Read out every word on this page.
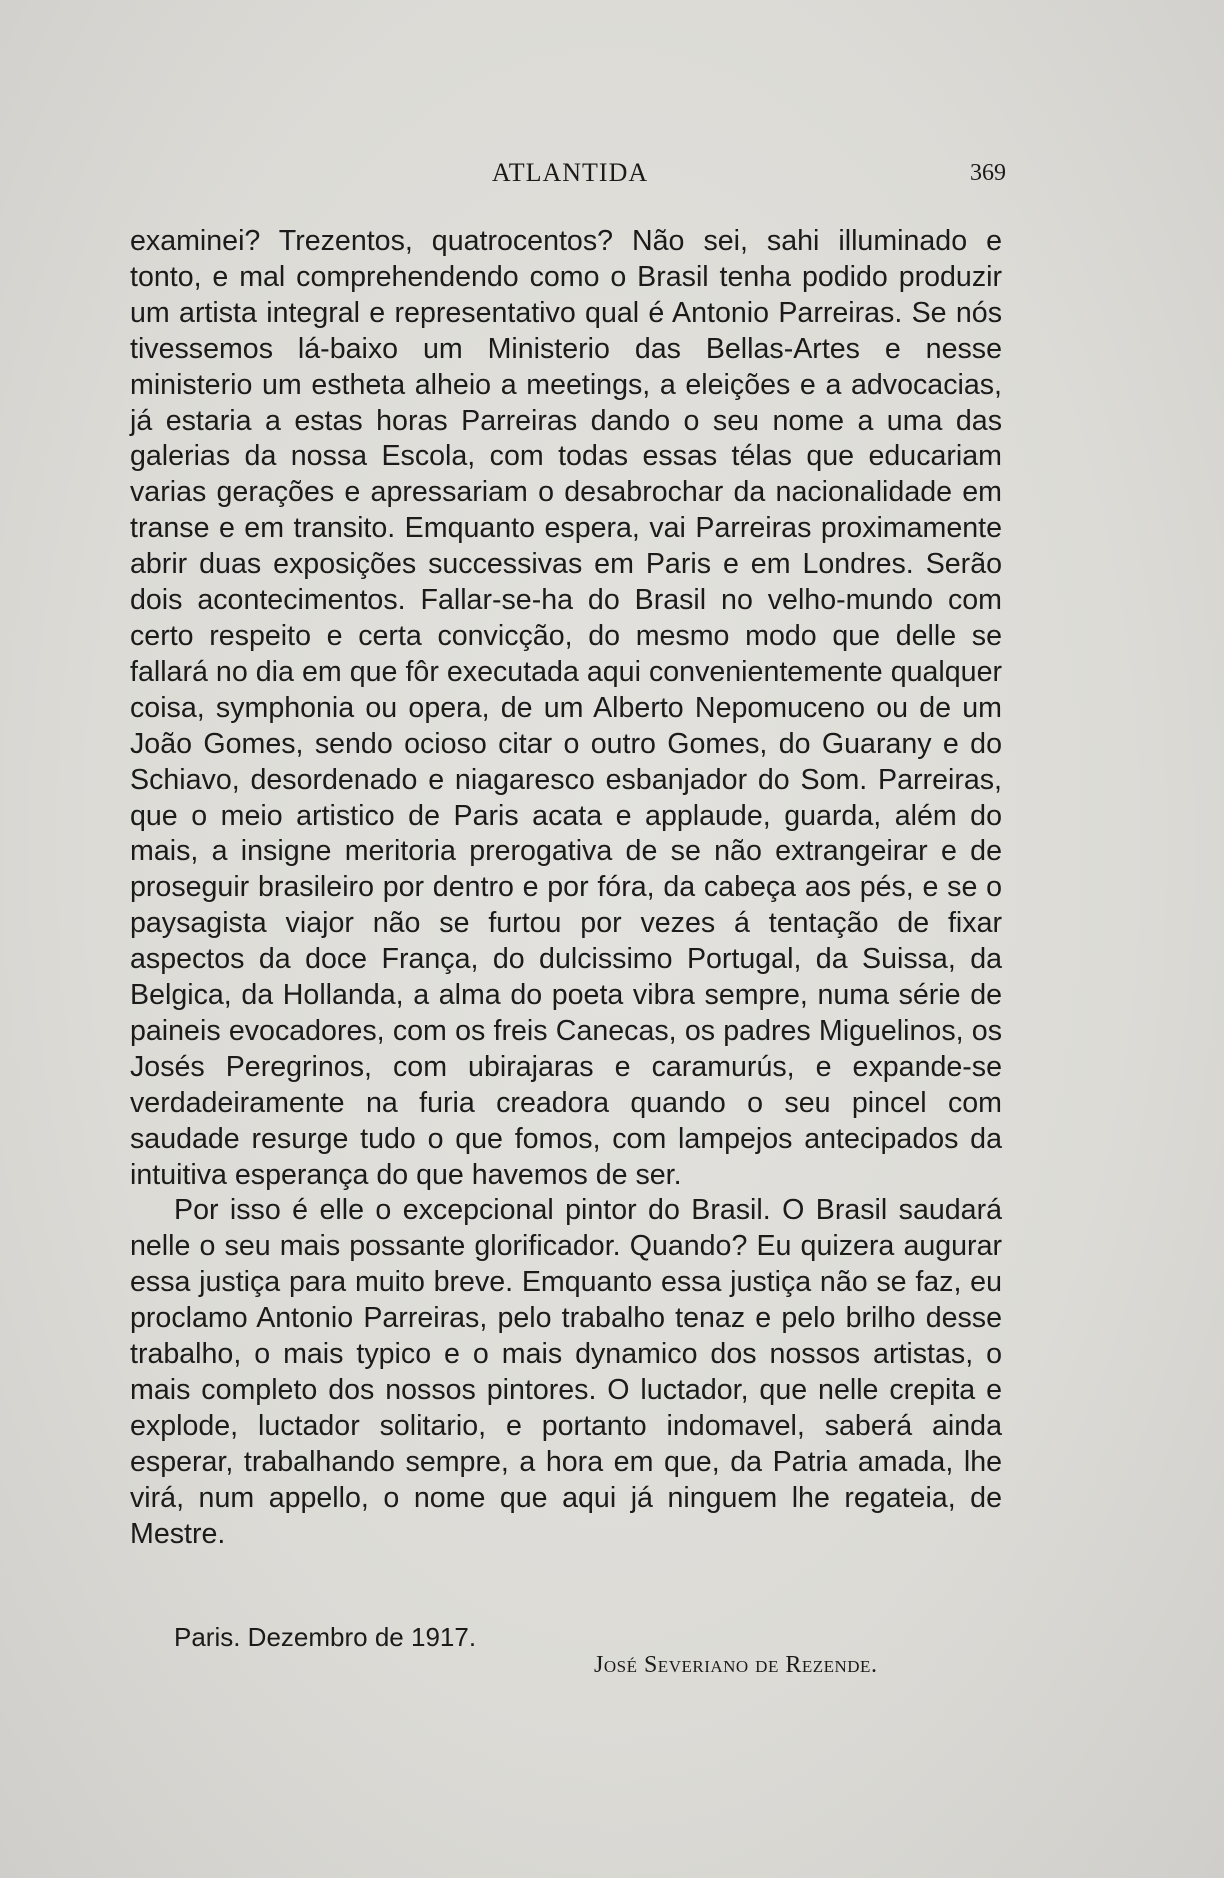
ATLANTIDA	369

examinei? Trezentos, quatrocentos? Não sei, sahi illuminado e tonto, e mal comprehendendo como o Brasil tenha podido produzir um artista integral e representativo qual é Antonio Parreiras. Se nós tivessemos lá-baixo um Ministerio das Bellas-Artes e nesse ministerio um estheta alheio a meetings, a eleições e a advocacias, já estaria a estas horas Parreiras dando o seu nome a uma das galerias da nossa Escola, com todas essas télas que educariam varias gerações e apressariam o desabrochar da nacionalidade em transe e em transito. Emquanto espera, vai Parreiras proximamente abrir duas exposições successivas em Paris e em Londres. Serão dois acontecimentos. Fallar-se-ha do Brasil no velho-mundo com certo respeito e certa convicção, do mesmo modo que delle se fallará no dia em que fôr executada aqui convenientemente qualquer coisa, symphonia ou opera, de um Alberto Nepomuceno ou de um João Gomes, sendo ocioso citar o outro Gomes, do Guarany e do Schiavo, desordenado e niagaresco esbanjador do Som. Parreiras, que o meio artistico de Paris acata e applaude, guarda, além do mais, a insigne meritoria prerogativa de se não extrangeirar e de proseguir brasileiro por dentro e por fóra, da cabeça aos pés, e se o paysagista viajor não se furtou por vezes á tentação de fixar aspectos da doce França, do dulcissimo Portugal, da Suissa, da Belgica, da Hollanda, a alma do poeta vibra sempre, numa série de paineis evocadores, com os freis Canecas, os padres Miguelinos, os Josés Peregrinos, com ubirajaras e caramurús, e expande-se verdadeiramente na furia creadora quando o seu pincel com saudade resurge tudo o que fomos, com lampejos antecipados da intuitiva esperança do que havemos de ser.

Por isso é elle o excepcional pintor do Brasil. O Brasil saudará nelle o seu mais possante glorificador. Quando? Eu quizera augurar essa justiça para muito breve. Emquanto essa justiça não se faz, eu proclamo Antonio Parreiras, pelo trabalho tenaz e pelo brilho desse trabalho, o mais typico e o mais dynamico dos nossos artistas, o mais completo dos nossos pintores. O luctador, que nelle crepita e explode, luctador solitario, e portanto indomavel, saberá ainda esperar, trabalhando sempre, a hora em que, da Patria amada, lhe virá, num appello, o nome que aqui já ninguem lhe regateia, de Mestre.

Paris. Dezembro de 1917.
José Severiano de Rezende.
